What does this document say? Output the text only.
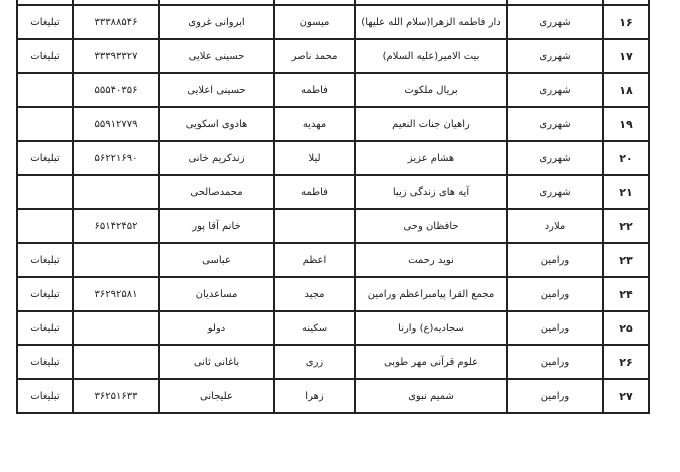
۱۶	شهرری	دار فاطمه الزهرا(سلام الله علیها)	میسون	ابروانی غروی	۳۳۳۸۸۵۴۶	تبلیغات
۱۷	شهرری	بیت الامیر(علیه السلام)	محمد ناصر	حسینی علایی	۳۳۳۹۳۳۲۷	تبلیغات
۱۸	شهرری	بریال ملکوت	فاطمه	حسینی اعلایی	۵۵۵۴۰۳۵۶	
۱۹	شهرری	راهیان جنات النعیم	مهدیه	هادوی اسکویی	۵۵۹۱۲۷۷۹	
۲۰	شهرری	هشام عزیز	لیلا	زندکریم خانی	۵۶۲۲۱۶۹۰	تبلیغات
۲۱	شهرری	آیه های زندگی زیبا	فاطمه	محمدصالحی		
۲۲	ملارد	حافظان وحی		خانم آقا پور	۶۵۱۴۲۴۵۲	
۲۳	ورامین	نوید رحمت	اعظم	عباسی		تبلیغات
۲۴	ورامین	مجمع القرا پیامبراعظم ورامین	مجید	مساعدیان	۳۶۲۹۲۵۸۱	تبلیغات
۲۵	ورامین	سجادیه(ع) وارنا	سکینه	دولو		تبلیغات
۲۶	ورامین	علوم قرآنی مهر طوبی	زری	باغانی ثانی		تبلیغات
۲۷	ورامین	شمیم نبوی	زهرا	علیجانی	۳۶۲۵۱۶۳۳	تبلیغات
